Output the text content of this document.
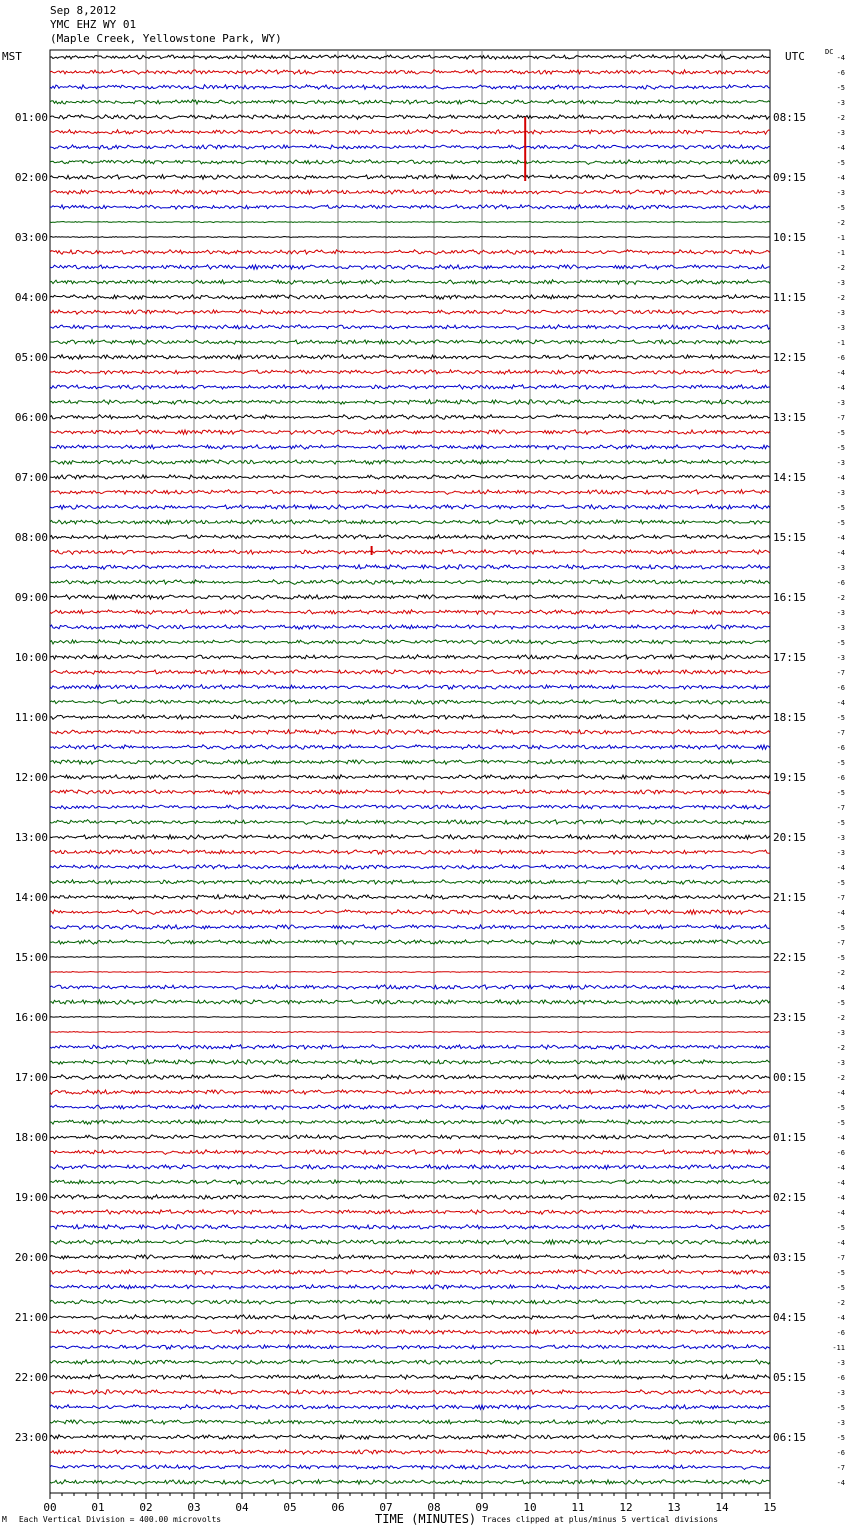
Sep 8,2012
YMC EHZ WY 01
(Maple Creek, Yellowstone Park, WY)
MST	UTC	DC
00	01	02	03	04	05	06	07	08	09	10	11	12	13	14	15
-4
-6
-5
-3
-2
-3
-4
-5
-4
-3
-5
-2
-1
-1
-2
-3
-2
-3
-3
-1
-6
-4
-4
-3
-7
-5
-5
-3
-4
-3
-5
-5
-4
-4
-3
-6
-2
-3
-3
-5
-3
-7
-6
-4
-5
-7
-6
-5
-6
-5
-7
-5
-3
-3
-4
-5
-7
-4
-5
-7
-5
-2
-4
-5
-2
-3
-2
-3
-2
-4
-5
-5
-4
-6
-4
-4
-4
-4
-5
-4
-7
-5
-5
-2
-4
-6
-11
-3
-6
-3
-5
-3
-5
-6
-7
-4
01:00
02:00
03:00
04:00
05:00
06:00
07:00
08:00
09:00
10:00
11:00
12:00
13:00
14:00
15:00
16:00
17:00
18:00
19:00
20:00
21:00
22:00
23:00
08:15
09:15
10:15
11:15
12:15
13:15
14:15
15:15
16:15
17:15
18:15
19:15
20:15
21:15
22:15
23:15
00:15
01:15
02:15
03:15
04:15
05:15
06:15
M Each Vertical Division = 400.00 microvolts	TIME (MINUTES) Traces clipped at plus/minus 5 vertical divisions
